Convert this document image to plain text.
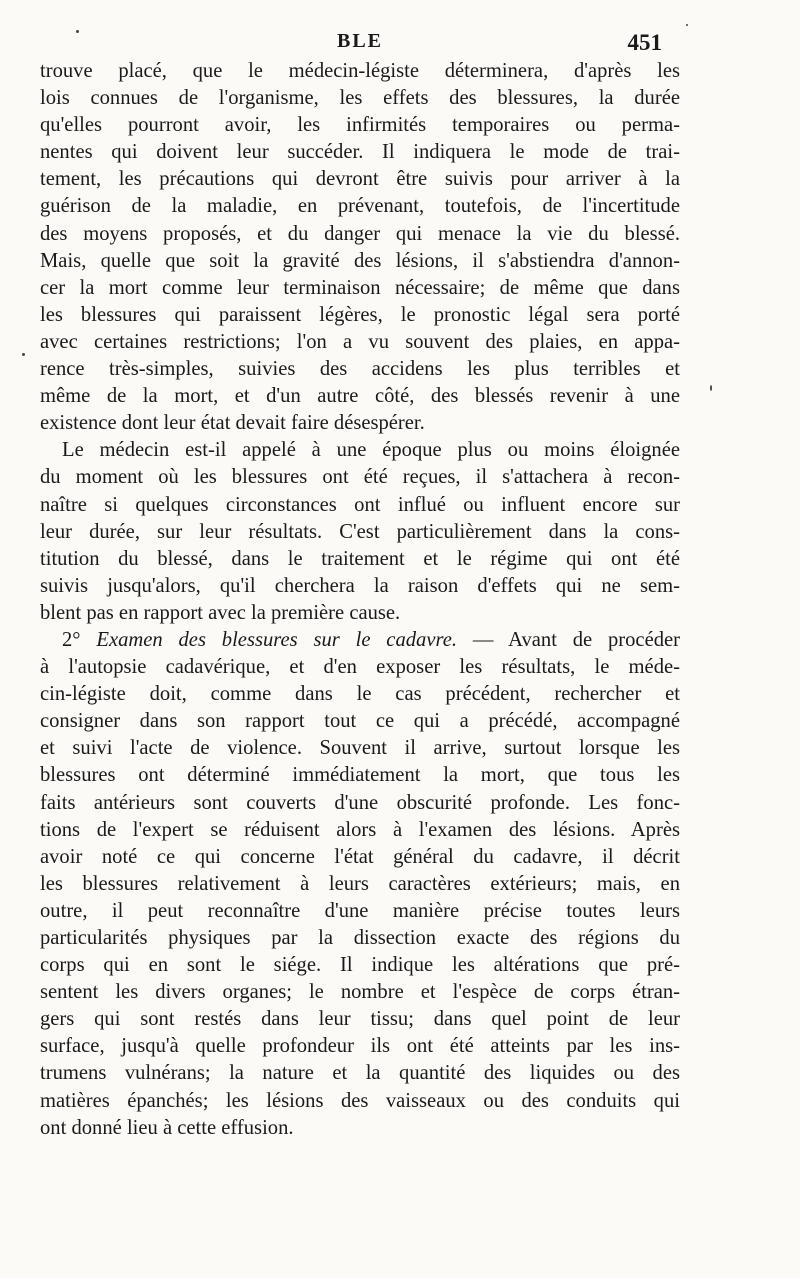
BLE	451

trouve placé, que le médecin-légiste déterminera, d'après les
lois connues de l'organisme, les effets des blessures, la durée
qu'elles pourront avoir, les infirmités temporaires ou perma-
nentes qui doivent leur succéder. Il indiquera le mode de trai-
tement, les précautions qui devront être suivis pour arriver à la
guérison de la maladie, en prévenant, toutefois, de l'incertitude
des moyens proposés, et du danger qui menace la vie du blessé.
Mais, quelle que soit la gravité des lésions, il s'abstiendra d'annon-
cer la mort comme leur terminaison nécessaire; de même que dans
les blessures qui paraissent légères, le pronostic légal sera porté
avec certaines restrictions; l'on a vu souvent des plaies, en appa-
rence très-simples, suivies des accidens les plus terribles et
même de la mort, et d'un autre côté, des blessés revenir à une
existence dont leur état devait faire désespérer.

Le médecin est-il appelé à une époque plus ou moins éloignée
du moment où les blessures ont été reçues, il s'attachera à recon-
naître si quelques circonstances ont influé ou influent encore sur
leur durée, sur leur résultats. C'est particulièrement dans la cons-
titution du blessé, dans le traitement et le régime qui ont été
suivis jusqu'alors, qu'il cherchera la raison d'effets qui ne sem-
blent pas en rapport avec la première cause.

2° Examen des blessures sur le cadavre. — Avant de procéder
à l'autopsie cadavérique, et d'en exposer les résultats, le méde-
cin-légiste doit, comme dans le cas précédent, rechercher et
consigner dans son rapport tout ce qui a précédé, accompagné
et suivi l'acte de violence. Souvent il arrive, surtout lorsque les
blessures ont déterminé immédiatement la mort, que tous les
faits antérieurs sont couverts d'une obscurité profonde. Les fonc-
tions de l'expert se réduisent alors à l'examen des lésions. Après
avoir noté ce qui concerne l'état général du cadavre, il décrit
les blessures relativement à leurs caractères extérieurs; mais, en
outre, il peut reconnaître d'une manière précise toutes leurs
particularités physiques par la dissection exacte des régions du
corps qui en sont le siége. Il indique les altérations que pré-
sentent les divers organes; le nombre et l'espèce de corps étran-
gers qui sont restés dans leur tissu; dans quel point de leur
surface, jusqu'à quelle profondeur ils ont été atteints par les ins-
trumens vulnérans; la nature et la quantité des liquides ou des
matières épanchés; les lésions des vaisseaux ou des conduits qui
ont donné lieu à cette effusion.
